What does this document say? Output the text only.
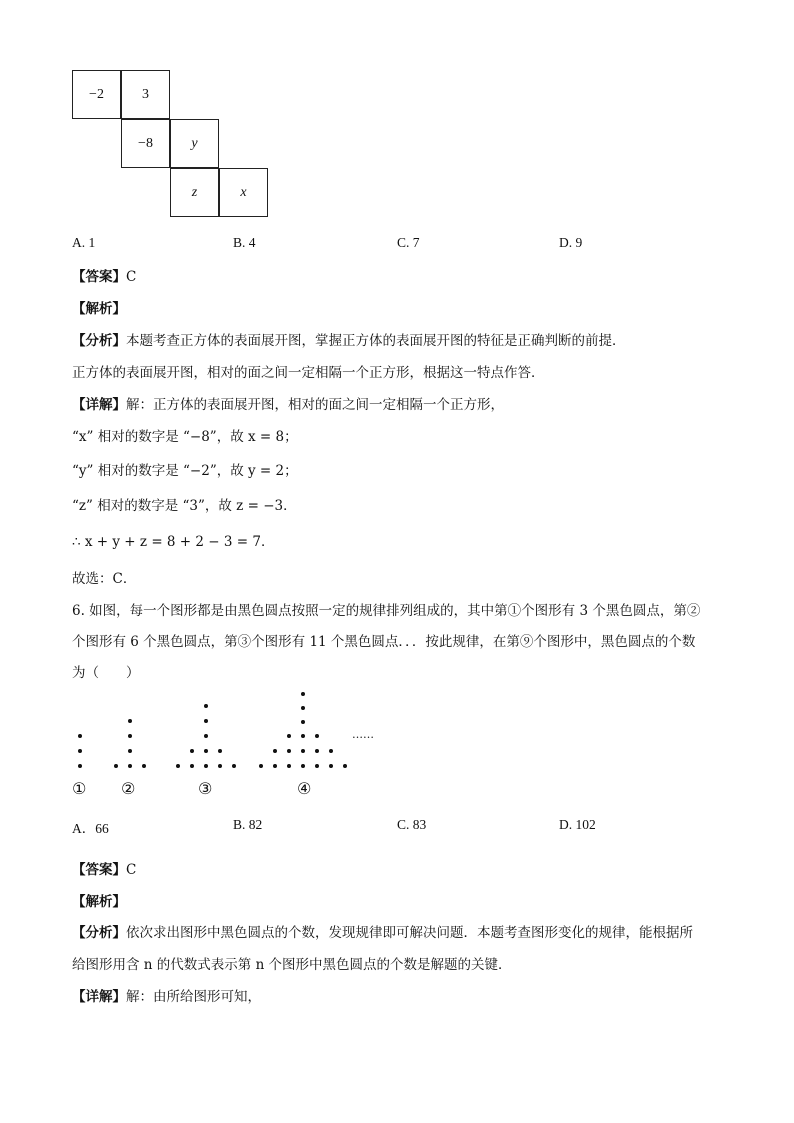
−2	3
−8	y
z	x
A. 1	B. 4	C. 7	D. 9
【答案】C
【解析】
【分析】本题考查正方体的表面展开图，掌握正方体的表面展开图的特征是正确判断的前提．
正方体的表面展开图，相对的面之间一定相隔一个正方形，根据这一特点作答．
【详解】解：正方体的表面展开图，相对的面之间一定相隔一个正方形，
“x” 相对的数字是 “−8”，故 x = 8；
“y” 相对的数字是 “−2”，故 y = 2；
“z” 相对的数字是 “3”，故 z = −3．
∴ x + y + z = 8 + 2 − 3 = 7．
故选：C．
6. 如图，每一个图形都是由黑色圆点按照一定的规律排列组成的，其中第①个图形有 3 个黑色圆点，第②
个图形有 6 个黑色圆点，第③个图形有 11 个黑色圆点．．．按此规律，在第⑨个图形中，黑色圆点的个数
为（　　）
……
① ②	③	④
A．66	B. 82	C. 83	D. 102
【答案】C
【解析】
【分析】依次求出图形中黑色圆点的个数，发现规律即可解决问题．本题考查图形变化的规律，能根据所
给图形用含 n 的代数式表示第 n 个图形中黑色圆点的个数是解题的关键．
【详解】解：由所给图形可知，
